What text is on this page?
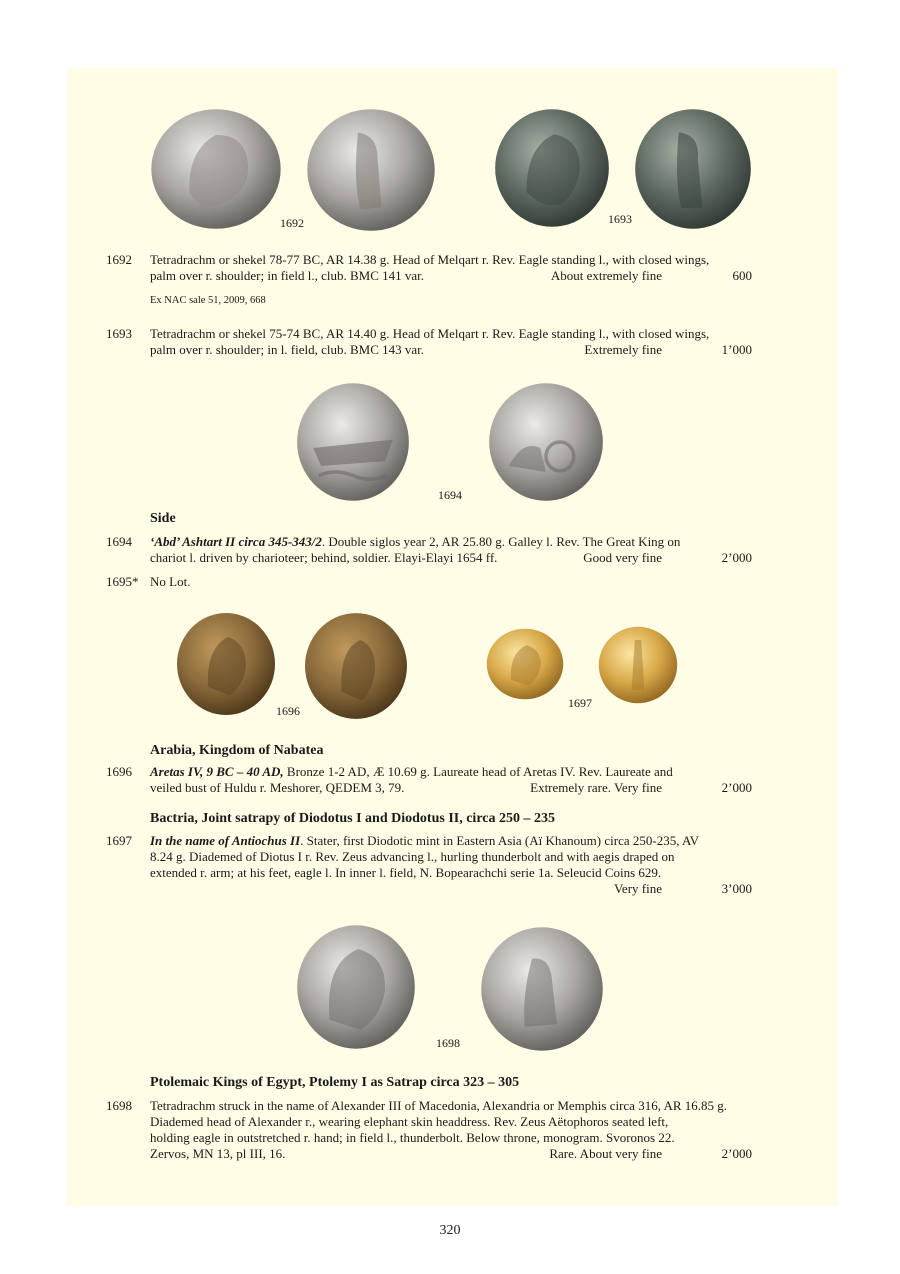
1692	1693
1692 Tetradrachm or shekel 78-77 BC, AR 14.38 g. Head of Melqart r. Rev. Eagle standing l., with closed wings,
palm over r. shoulder; in field l., club. BMC 141 var.	About extremely fine	600
Ex NAC sale 51, 2009, 668
1693 Tetradrachm or shekel 75-74 BC, AR 14.40 g. Head of Melqart r. Rev. Eagle standing l., with closed wings,
palm over r. shoulder; in l. field, club. BMC 143 var.	Extremely fine	1’000
1694
Side
1694 ‘Abd’ Ashtart II circa 345-343/2. Double siglos year 2, AR 25.80 g. Galley l. Rev. The Great King on
chariot l. driven by charioteer; behind, soldier. Elayi-Elayi 1654 ff.	Good very fine	2’000
1695* No Lot.
1696
1697
Arabia, Kingdom of Nabatea
1696 Aretas IV, 9 BC – 40 AD, Bronze 1-2 AD, Æ 10.69 g. Laureate head of Aretas IV. Rev. Laureate and
veiled bust of Huldu r. Meshorer, QEDEM 3, 79.	Extremely rare. Very fine	2’000
Bactria, Joint satrapy of Diodotus I and Diodotus II, circa 250 – 235
1697 In the name of Antiochus II. Stater, first Diodotic mint in Eastern Asia (Aï Khanoum) circa 250-235, AV
8.24 g. Diademed of Diotus I r. Rev. Zeus advancing l., hurling thunderbolt and with aegis draped on
extended r. arm; at his feet, eagle l. In inner l. field, N. Bopearachchi serie 1a. Seleucid Coins 629.
Very fine	3’000
1698
Ptolemaic Kings of Egypt, Ptolemy I as Satrap circa 323 – 305
1698 Tetradrachm struck in the name of Alexander III of Macedonia, Alexandria or Memphis circa 316, AR 16.85 g.
Diademed head of Alexander r., wearing elephant skin headdress. Rev. Zeus Aëtophoros seated left,
holding eagle in outstretched r. hand; in field l., thunderbolt. Below throne, monogram. Svoronos 22.
Zervos, MN 13, pl III, 16.	Rare. About very fine	2’000
320
